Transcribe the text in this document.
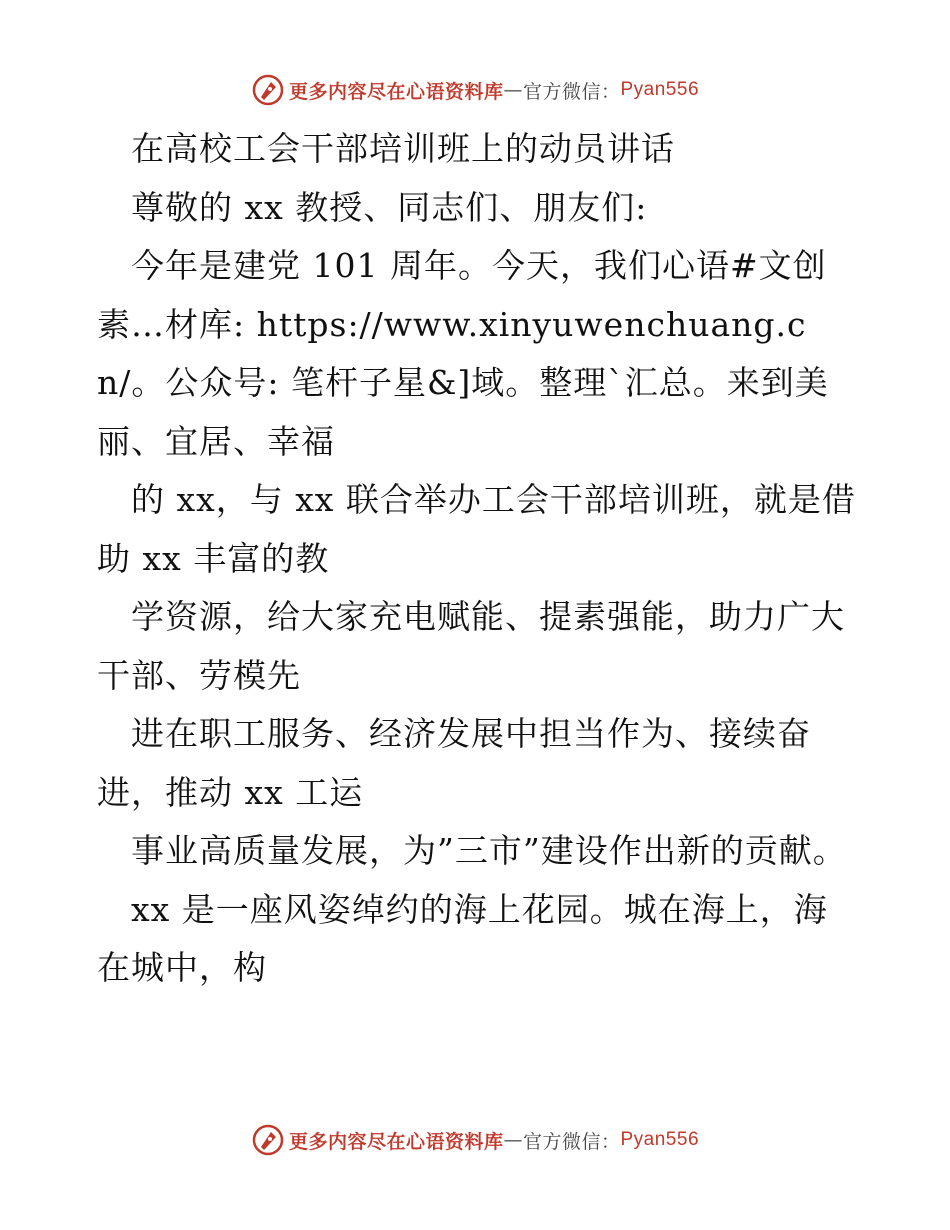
更多内容尽在心语资料库 — 官方微信： Pyan556

　在高校工会干部培训班上的动员讲话

　尊敬的 xx 教授、同志们、朋友们:

　今年是建党 101 周年。今天，我们心语#文创素…材库: https://www.xinyuwenchuang.cn/。公众号: 笔杆子星&]域。整理`汇总。来到美丽、宜居、幸福

　的 xx，与 xx 联合举办工会干部培训班，就是借助 xx 丰富的教

　学资源，给大家充电赋能、提素强能，助力广大干部、劳模先

　进在职工服务、经济发展中担当作为、接续奋进，推动 xx 工运

　事业高质量发展，为”三市”建设作出新的贡献。

　xx 是一座风姿绰约的海上花园。城在海上，海在城中，构

更多内容尽在心语资料库 — 官方微信： Pyan556
